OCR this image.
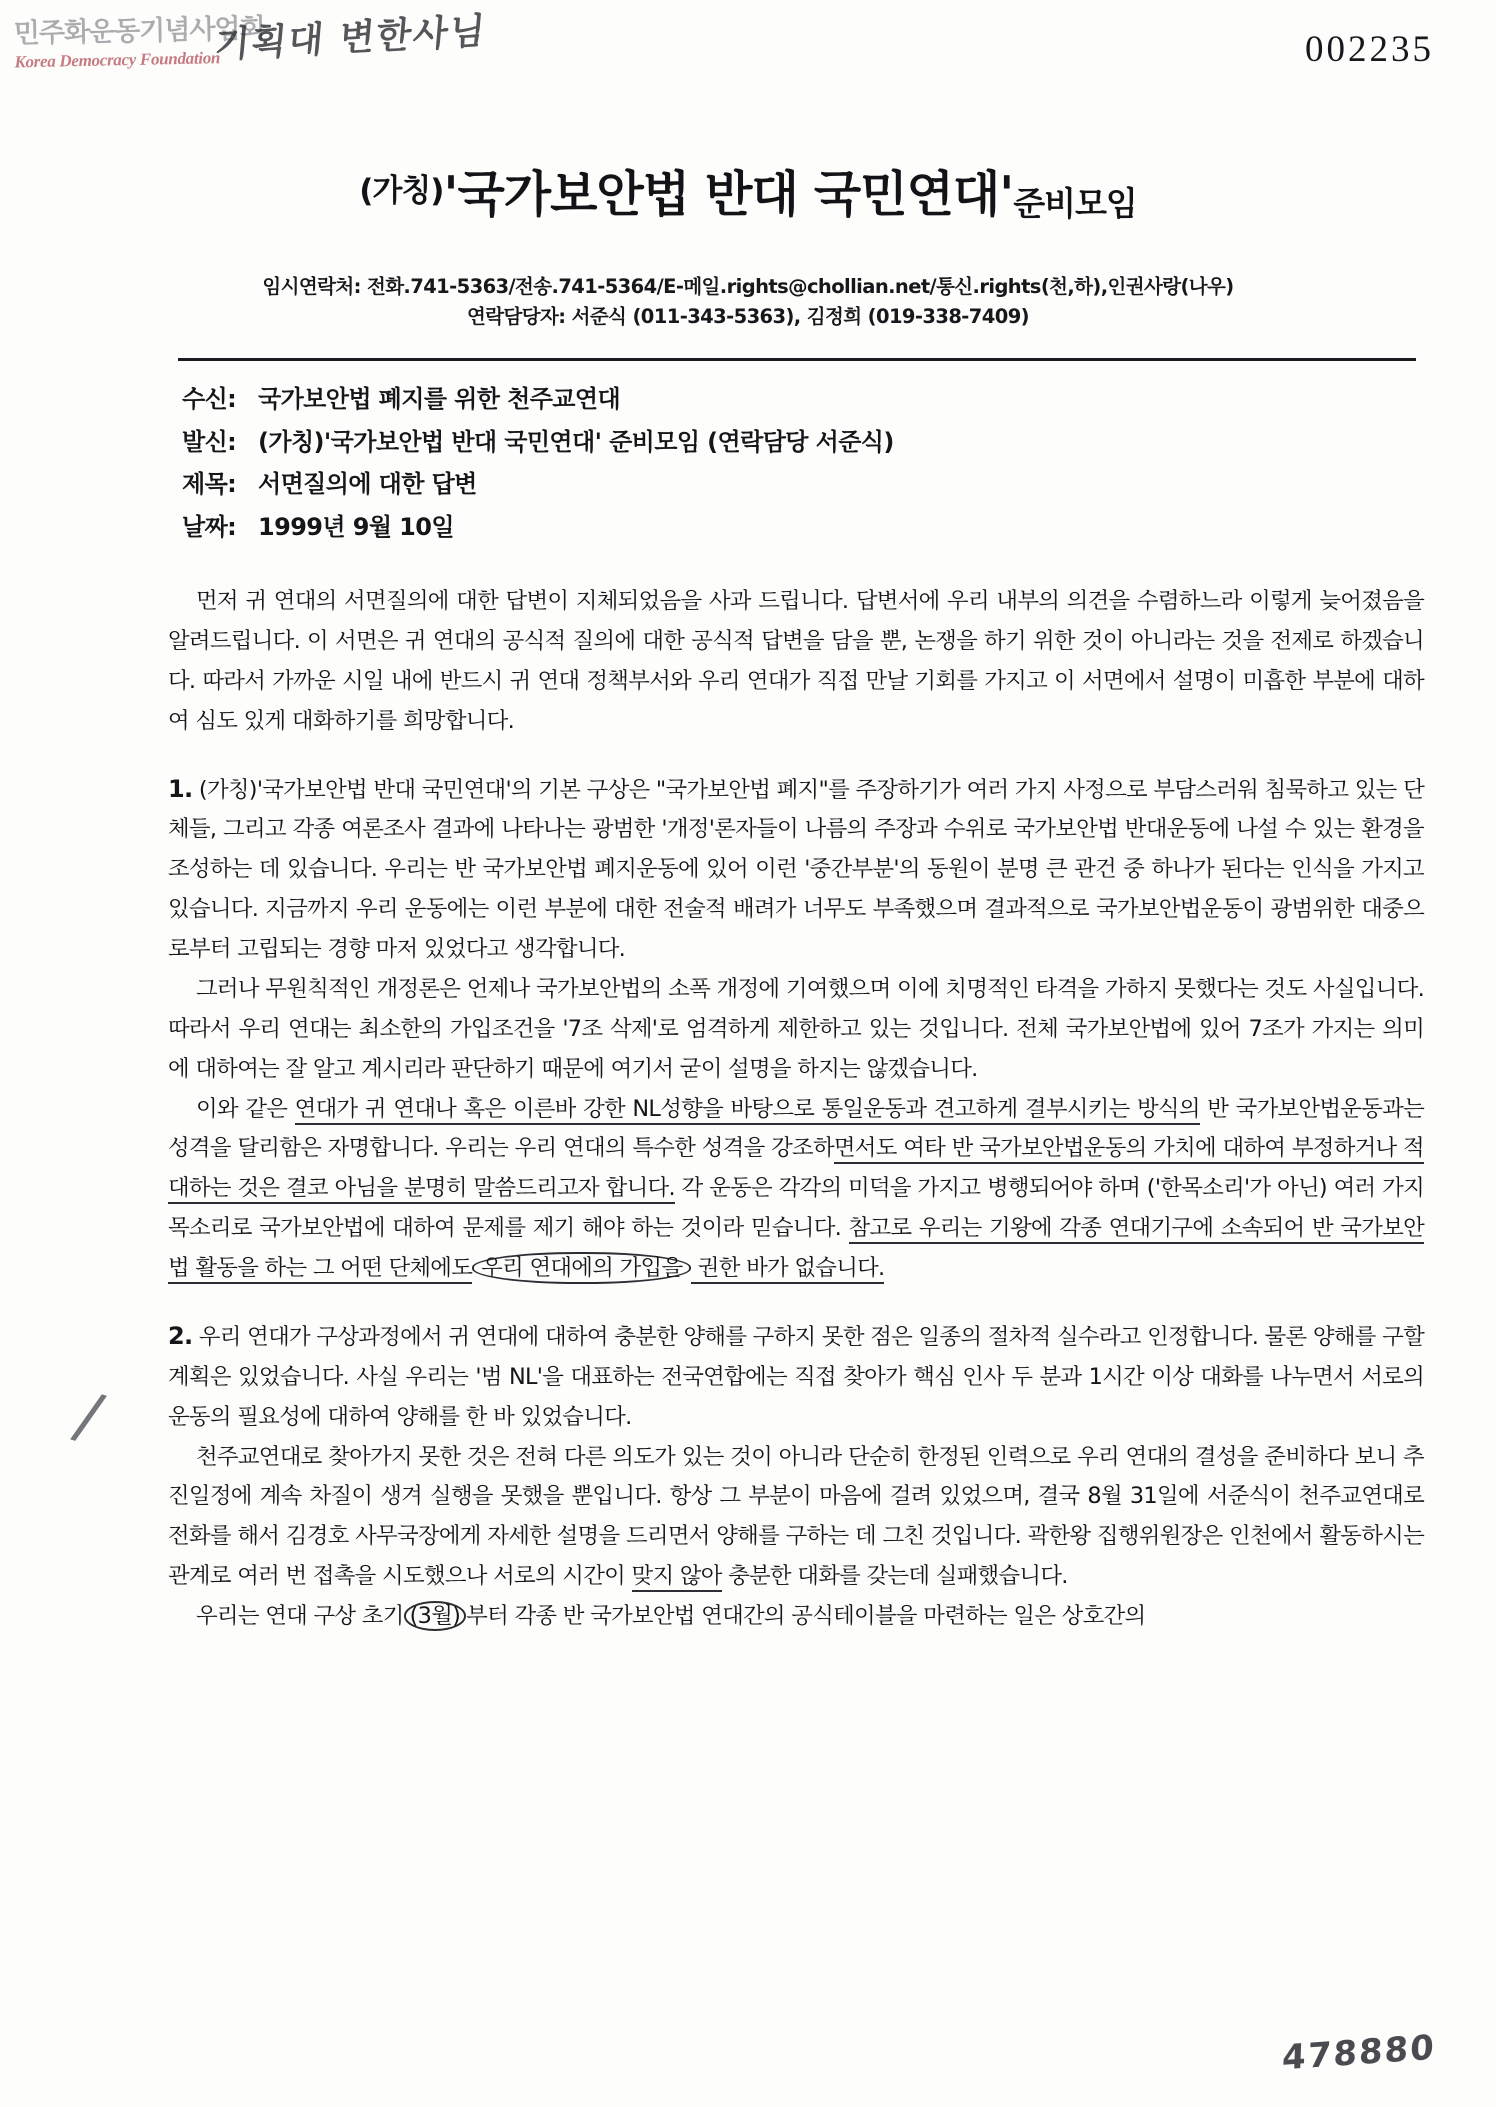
민주화운동기념사업회
Korea Democracy Foundation
기획대 변한사님
/
478880
002235
$^{(가칭)}$'국가보안법 반대 국민연대'준비모임
임시연락처: 전화.741-5363/전송.741-5364/E-메일.rights@chollian.net/통신.rights(천,하),인권사랑(나우)
연락담당자: 서준식 (011-343-5363), 김정희 (019-338-7409)
수신: 국가보안법 폐지를 위한 천주교연대
발신: (가칭)'국가보안법 반대 국민연대' 준비모임 (연락담당 서준식)
제목: 서면질의에 대한 답변
날짜: 1999년 9월 10일

먼저 귀 연대의 서면질의에 대한 답변이 지체되었음을 사과 드립니다. 답변서에 우리 내부의 의견을 수렴하느라 이렇게 늦어졌음을 알려드립니다. 이 서면은 귀 연대의 공식적 질의에 대한 공식적 답변을 담을 뿐, 논쟁을 하기 위한 것이 아니라는 것을 전제로 하겠습니다. 따라서 가까운 시일 내에 반드시 귀 연대 정책부서와 우리 연대가 직접 만날 기회를 가지고 이 서면에서 설명이 미흡한 부분에 대하여 심도 있게 대화하기를 희망합니다.

1. (가칭)'국가보안법 반대 국민연대'의 기본 구상은 "국가보안법 폐지"를 주장하기가 여러 가지 사정으로 부담스러워 침묵하고 있는 단체들, 그리고 각종 여론조사 결과에 나타나는 광범한 '개정'론자들이 나름의 주장과 수위로 국가보안법 반대운동에 나설 수 있는 환경을 조성하는 데 있습니다. 우리는 반 국가보안법 폐지운동에 있어 이런 '중간부분'의 동원이 분명 큰 관건 중 하나가 된다는 인식을 가지고 있습니다. 지금까지 우리 운동에는 이런 부분에 대한 전술적 배려가 너무도 부족했으며 결과적으로 국가보안법운동이 광범위한 대중으로부터 고립되는 경향 마저 있었다고 생각합니다.

그러나 무원칙적인 개정론은 언제나 국가보안법의 소폭 개정에 기여했으며 이에 치명적인 타격을 가하지 못했다는 것도 사실입니다. 따라서 우리 연대는 최소한의 가입조건을 '7조 삭제'로 엄격하게 제한하고 있는 것입니다. 전체 국가보안법에 있어 7조가 가지는 의미에 대하여는 잘 알고 계시리라 판단하기 때문에 여기서 굳이 설명을 하지는 않겠습니다.

이와 같은 연대가 귀 연대나 혹은 이른바 강한 NL성향을 바탕으로 통일운동과 견고하게 결부시키는 방식의 반 국가보안법운동과는 성격을 달리함은 자명합니다. 우리는 우리 연대의 특수한 성격을 강조하면서도 여타 반 국가보안법운동의 가치에 대하여 부정하거나 적대하는 것은 결코 아님을 분명히 말씀드리고자 합니다. 각 운동은 각각의 미덕을 가지고 병행되어야 하며 ('한목소리'가 아닌) 여러 가지 목소리로 국가보안법에 대하여 문제를 제기 해야 하는 것이라 믿습니다. 참고로 우리는 기왕에 각종 연대기구에 소속되어 반 국가보안법 활동을 하는 그 어떤 단체에도 우리 연대에의 가입을 권한 바가 없습니다.

2. 우리 연대가 구상과정에서 귀 연대에 대하여 충분한 양해를 구하지 못한 점은 일종의 절차적 실수라고 인정합니다. 물론 양해를 구할 계획은 있었습니다. 사실 우리는 '범 NL'을 대표하는 전국연합에는 직접 찾아가 핵심 인사 두 분과 1시간 이상 대화를 나누면서 서로의 운동의 필요성에 대하여 양해를 한 바 있었습니다.

천주교연대로 찾아가지 못한 것은 전혀 다른 의도가 있는 것이 아니라 단순히 한정된 인력으로 우리 연대의 결성을 준비하다 보니 추진일정에 계속 차질이 생겨 실행을 못했을 뿐입니다. 항상 그 부분이 마음에 걸려 있었으며, 결국 8월 31일에 서준식이 천주교연대로 전화를 해서 김경호 사무국장에게 자세한 설명을 드리면서 양해를 구하는 데 그친 것입니다. 곽한왕 집행위원장은 인천에서 활동하시는 관계로 여러 번 접촉을 시도했으나 서로의 시간이 맞지 않아 충분한 대화를 갖는데 실패했습니다.

우리는 연대 구상 초기 (3월) 부터 각종 반 국가보안법 연대간의 공식테이블을 마련하는 일은 상호간의
